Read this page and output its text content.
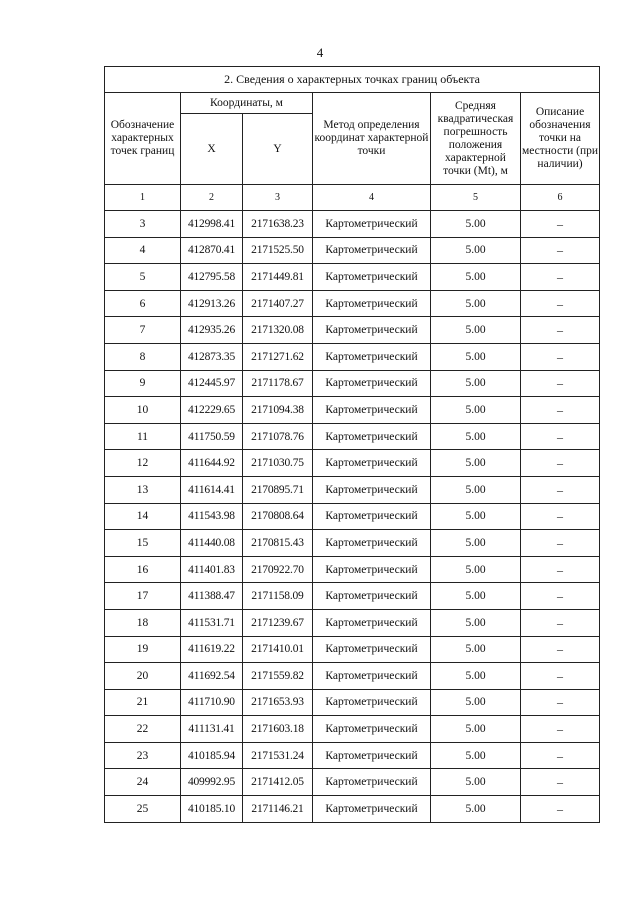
4
2. Сведения о характерных точках границ объекта					
Обозначение характерных точек границ	Координаты, м		Метод определения координат характерной точки	Средняя квадратическая погрешность положения характерной точки (Mt), м	Описание обозначения точки на местности (при наличии)
	X	Y			
1	2	3	4	5	6
3	412998.41	2171638.23	Картометрический	5.00	–
4	412870.41	2171525.50	Картометрический	5.00	–
5	412795.58	2171449.81	Картометрический	5.00	–
6	412913.26	2171407.27	Картометрический	5.00	–
7	412935.26	2171320.08	Картометрический	5.00	–
8	412873.35	2171271.62	Картометрический	5.00	–
9	412445.97	2171178.67	Картометрический	5.00	–
10	412229.65	2171094.38	Картометрический	5.00	–
11	411750.59	2171078.76	Картометрический	5.00	–
12	411644.92	2171030.75	Картометрический	5.00	–
13	411614.41	2170895.71	Картометрический	5.00	–
14	411543.98	2170808.64	Картометрический	5.00	–
15	411440.08	2170815.43	Картометрический	5.00	–
16	411401.83	2170922.70	Картометрический	5.00	–
17	411388.47	2171158.09	Картометрический	5.00	–
18	411531.71	2171239.67	Картометрический	5.00	–
19	411619.22	2171410.01	Картометрический	5.00	–
20	411692.54	2171559.82	Картометрический	5.00	–
21	411710.90	2171653.93	Картометрический	5.00	–
22	411131.41	2171603.18	Картометрический	5.00	–
23	410185.94	2171531.24	Картометрический	5.00	–
24	409992.95	2171412.05	Картометрический	5.00	–
25	410185.10	2171146.21	Картометрический	5.00	–
